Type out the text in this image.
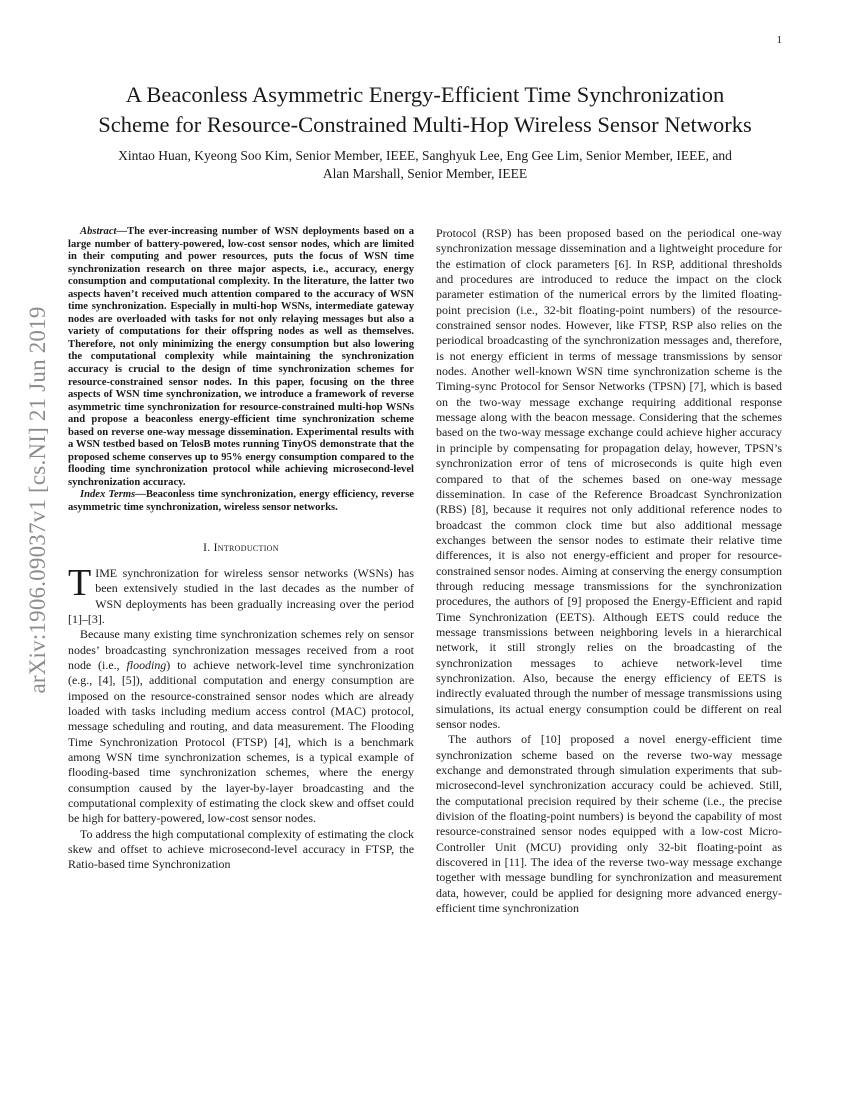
1
arXiv:1906.09037v1 [cs.NI] 21 Jun 2019
A Beaconless Asymmetric Energy-Efficient Time Synchronization
Scheme for Resource-Constrained Multi-Hop Wireless Sensor Networks
Xintao Huan, Kyeong Soo Kim, Senior Member, IEEE, Sanghyuk Lee, Eng Gee Lim, Senior Member, IEEE, and
Alan Marshall, Senior Member, IEEE

Abstract—The ever-increasing number of WSN deployments based on a large number of battery-powered, low-cost sensor nodes, which are limited in their computing and power resources, puts the focus of WSN time synchronization research on three major aspects, i.e., accuracy, energy consumption and computational complexity. In the literature, the latter two aspects haven’t received much attention compared to the accuracy of WSN time synchronization. Especially in multi-hop WSNs, intermediate gateway nodes are overloaded with tasks for not only relaying messages but also a variety of computations for their offspring nodes as well as themselves. Therefore, not only minimizing the energy consumption but also lowering the computational complexity while maintaining the synchronization accuracy is crucial to the design of time synchronization schemes for resource-constrained sensor nodes. In this paper, focusing on the three aspects of WSN time synchronization, we introduce a framework of reverse asymmetric time synchronization for resource-constrained multi-hop WSNs and propose a beaconless energy-efficient time synchronization scheme based on reverse one-way message dissemination. Experimental results with a WSN testbed based on TelosB motes running TinyOS demonstrate that the proposed scheme conserves up to 95% energy consumption compared to the flooding time synchronization protocol while achieving microsecond-level synchronization accuracy.

Index Terms—Beaconless time synchronization, energy efficiency, reverse asymmetric time synchronization, wireless sensor networks.

I. Introduction

TIME synchronization for wireless sensor networks (WSNs) has been extensively studied in the last decades as the number of WSN deployments has been gradually increasing over the period [1]–[3].

Because many existing time synchronization schemes rely on sensor nodes’ broadcasting synchronization messages received from a root node (i.e., flooding) to achieve network-level time synchronization (e.g., [4], [5]), additional computation and energy consumption are imposed on the resource-constrained sensor nodes which are already loaded with tasks including medium access control (MAC) protocol, message scheduling and routing, and data measurement. The Flooding Time Synchronization Protocol (FTSP) [4], which is a benchmark among WSN time synchronization schemes, is a typical example of flooding-based time synchronization schemes, where the energy consumption caused by the layer-by-layer broadcasting and the computational complexity of estimating the clock skew and offset could be high for battery-powered, low-cost sensor nodes.

To address the high computational complexity of estimating the clock skew and offset to achieve microsecond-level accuracy in FTSP, the Ratio-based time Synchronization

Protocol (RSP) has been proposed based on the periodical one-way synchronization message dissemination and a lightweight procedure for the estimation of clock parameters [6]. In RSP, additional thresholds and procedures are introduced to reduce the impact on the clock parameter estimation of the numerical errors by the limited floating-point precision (i.e., 32-bit floating-point numbers) of the resource-constrained sensor nodes. However, like FTSP, RSP also relies on the periodical broadcasting of the synchronization messages and, therefore, is not energy efficient in terms of message transmissions by sensor nodes. Another well-known WSN time synchronization scheme is the Timing-sync Protocol for Sensor Networks (TPSN) [7], which is based on the two-way message exchange requiring additional response message along with the beacon message. Considering that the schemes based on the two-way message exchange could achieve higher accuracy in principle by compensating for propagation delay, however, TPSN’s synchronization error of tens of microseconds is quite high even compared to that of the schemes based on one-way message dissemination. In case of the Reference Broadcast Synchronization (RBS) [8], because it requires not only additional reference nodes to broadcast the common clock time but also additional message exchanges between the sensor nodes to estimate their relative time differences, it is also not energy-efficient and proper for resource-constrained sensor nodes. Aiming at conserving the energy consumption through reducing message transmissions for the synchronization procedures, the authors of [9] proposed the Energy-Efficient and rapid Time Synchronization (EETS). Although EETS could reduce the message transmissions between neighboring levels in a hierarchical network, it still strongly relies on the broadcasting of the synchronization messages to achieve network-level time synchronization. Also, because the energy efficiency of EETS is indirectly evaluated through the number of message transmissions using simulations, its actual energy consumption could be different on real sensor nodes.

The authors of [10] proposed a novel energy-efficient time synchronization scheme based on the reverse two-way message exchange and demonstrated through simulation experiments that sub-microsecond-level synchronization accuracy could be achieved. Still, the computational precision required by their scheme (i.e., the precise division of the floating-point numbers) is beyond the capability of most resource-constrained sensor nodes equipped with a low-cost Micro-Controller Unit (MCU) providing only 32-bit floating-point as discovered in [11]. The idea of the reverse two-way message exchange together with message bundling for synchronization and measurement data, however, could be applied for designing more advanced energy-efficient time synchronization
